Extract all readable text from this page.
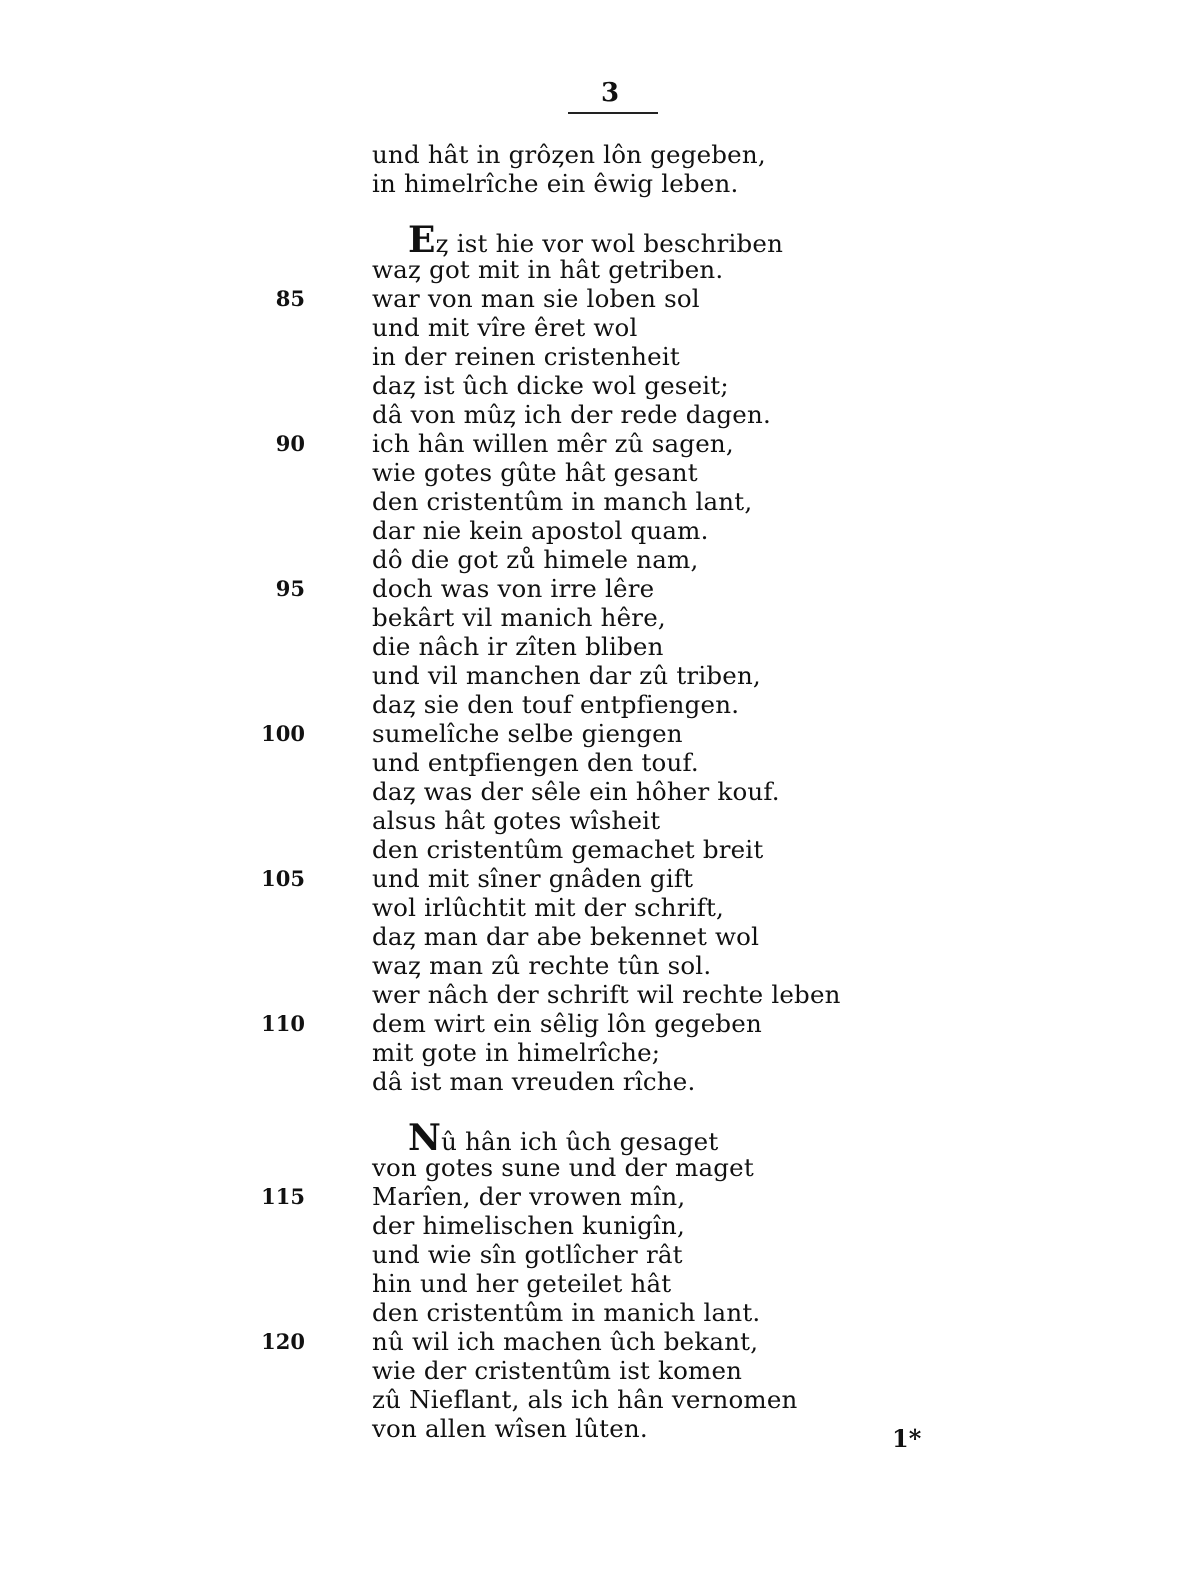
3
und hât in grôȥen lôn gegeben,
in himelrîche ein êwig leben.
Eȥ ist hie vor wol beschriben
waȥ got mit in hât getriben.
war von man sie loben sol
85
und mit vîre êret wol
in der reinen cristenheit
daȥ ist ûch dicke wol geseit;
dâ von mûȥ ich der rede dagen.
ich hân willen mêr zû sagen,
90
wie gotes gûte hât gesant
den cristentûm in manch lant,
dar nie kein apostol quam.
dô die got zů himele nam,
doch was von irre lêre
95
bekârt vil manich hêre,
die nâch ir zîten bliben
und vil manchen dar zû triben,
daȥ sie den touf entpfiengen.
sumelîche selbe giengen
100
und entpfiengen den touf.
daȥ was der sêle ein hôher kouf.
alsus hât gotes wîsheit
den cristentûm gemachet breit
und mit sîner gnâden gift
105
wol irlûchtit mit der schrift,
daȥ man dar abe bekennet wol
waȥ man zû rechte tûn sol.
wer nâch der schrift wil rechte leben
dem wirt ein sêlig lôn gegeben
110
mit gote in himelrîche;
dâ ist man vreuden rîche.
Nû hân ich ûch gesaget
von gotes sune und der maget
Marîen, der vrowen mîn,
115
der himelischen kunigîn,
und wie sîn gotlîcher rât
hin und her geteilet hât
den cristentûm in manich lant.
nû wil ich machen ûch bekant,
120
wie der cristentûm ist komen
zû Nieflant, als ich hân vernomen
von allen wîsen lûten.	1*
